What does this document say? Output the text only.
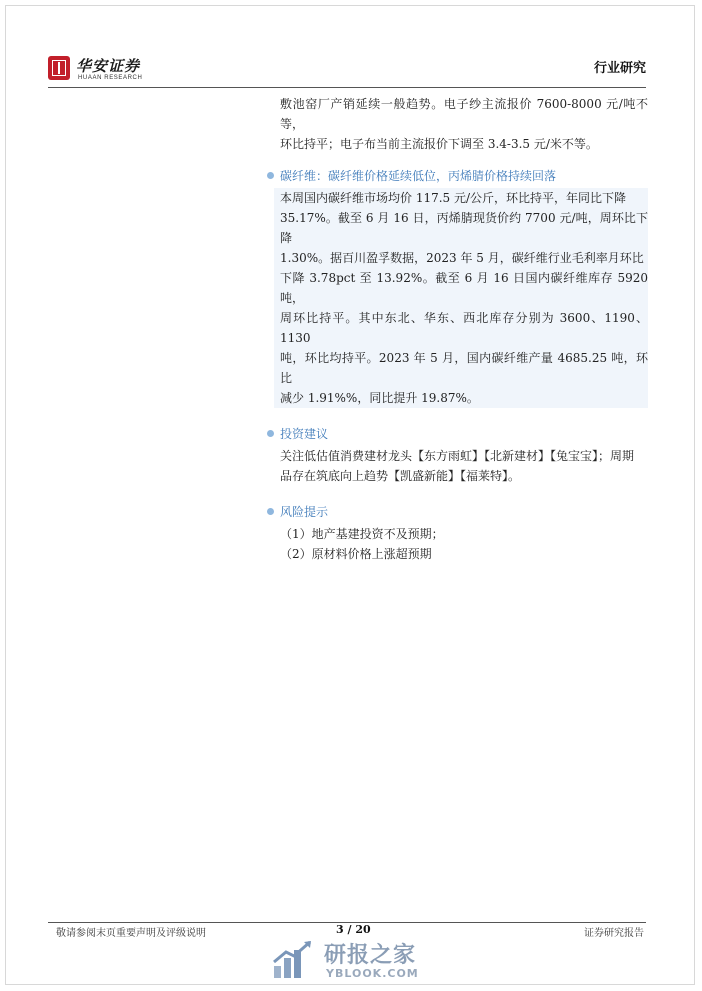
华安证券
HUAAN RESEARCH
行业研究

敷池窑厂产销延续一般趋势。电子纱主流报价 7600-8000 元/吨不等，

环比持平；电子布当前主流报价下调至 3.4-3.5 元/米不等。

碳纤维：碳纤维价格延续低位，丙烯腈价格持续回落

本周国内碳纤维市场均价 117.5 元/公斤，环比持平，年同比下降

35.17%。截至 6 月 16 日，丙烯腈现货价约 7700 元/吨，周环比下降

1.30%。据百川盈孚数据，2023 年 5 月，碳纤维行业毛利率月环比

下降 3.78pct 至 13.92%。截至 6 月 16 日国内碳纤维库存 5920 吨，

周环比持平。其中东北、华东、西北库存分别为 3600、1190、1130

吨，环比均持平。2023 年 5 月，国内碳纤维产量 4685.25 吨，环比

减少 1.91%%，同比提升 19.87%。

投资建议

关注低估值消费建材龙头【东方雨虹】【北新建材】【兔宝宝】；周期

品存在筑底向上趋势【凯盛新能】【福莱特】。

风险提示
（1）地产基建投资不及预期；
（2）原材料价格上涨超预期
敬请参阅末页重要声明及评级说明	3 / 20	证券研究报告
研报之家
YBLOOK.COM
